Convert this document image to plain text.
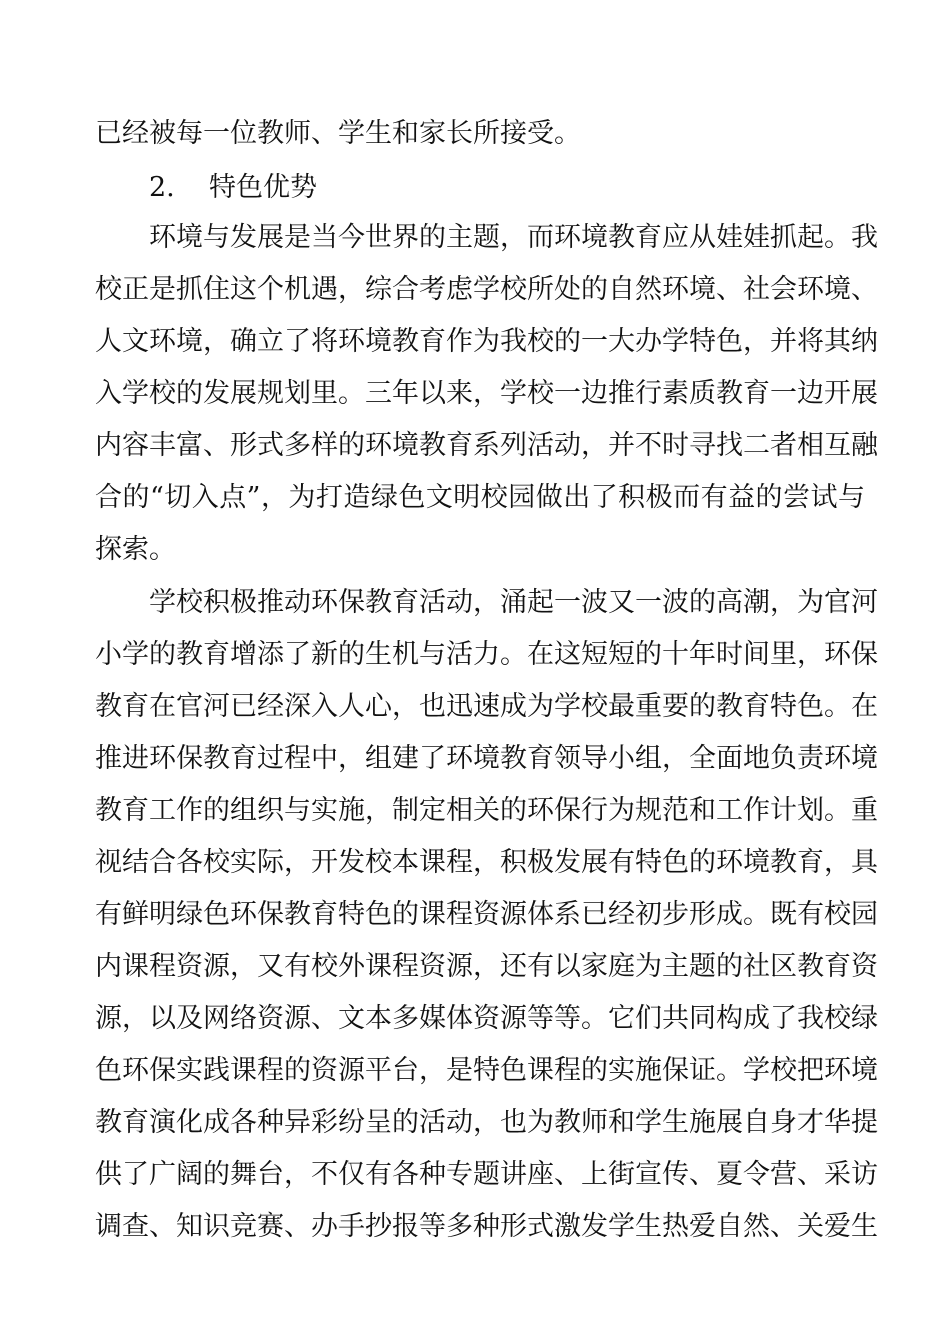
已经被每一位教师、学生和家长所接受。
2. 特色优势
环境与发展是当今世界的主题，而环境教育应从娃娃抓起。我
校正是抓住这个机遇，综合考虑学校所处的自然环境、社会环境、
人文环境，确立了将环境教育作为我校的一大办学特色，并将其纳
入学校的发展规划里。三年以来，学校一边推行素质教育一边开展
内容丰富、形式多样的环境教育系列活动，并不时寻找二者相互融
合的“切入点”，为打造绿色文明校园做出了积极而有益的尝试与
探索。
学校积极推动环保教育活动，涌起一波又一波的高潮，为官河
小学的教育增添了新的生机与活力。在这短短的十年时间里，环保
教育在官河已经深入人心，也迅速成为学校最重要的教育特色。在
推进环保教育过程中，组建了环境教育领导小组，全面地负责环境
教育工作的组织与实施，制定相关的环保行为规范和工作计划。重
视结合各校实际，开发校本课程，积极发展有特色的环境教育，具
有鲜明绿色环保教育特色的课程资源体系已经初步形成。既有校园
内课程资源，又有校外课程资源，还有以家庭为主题的社区教育资
源，以及网络资源、文本多媒体资源等等。它们共同构成了我校绿
色环保实践课程的资源平台，是特色课程的实施保证。学校把环境
教育演化成各种异彩纷呈的活动，也为教师和学生施展自身才华提
供了广阔的舞台，不仅有各种专题讲座、上街宣传、夏令营、采访
调查、知识竞赛、办手抄报等多种形式激发学生热爱自然、关爱生
